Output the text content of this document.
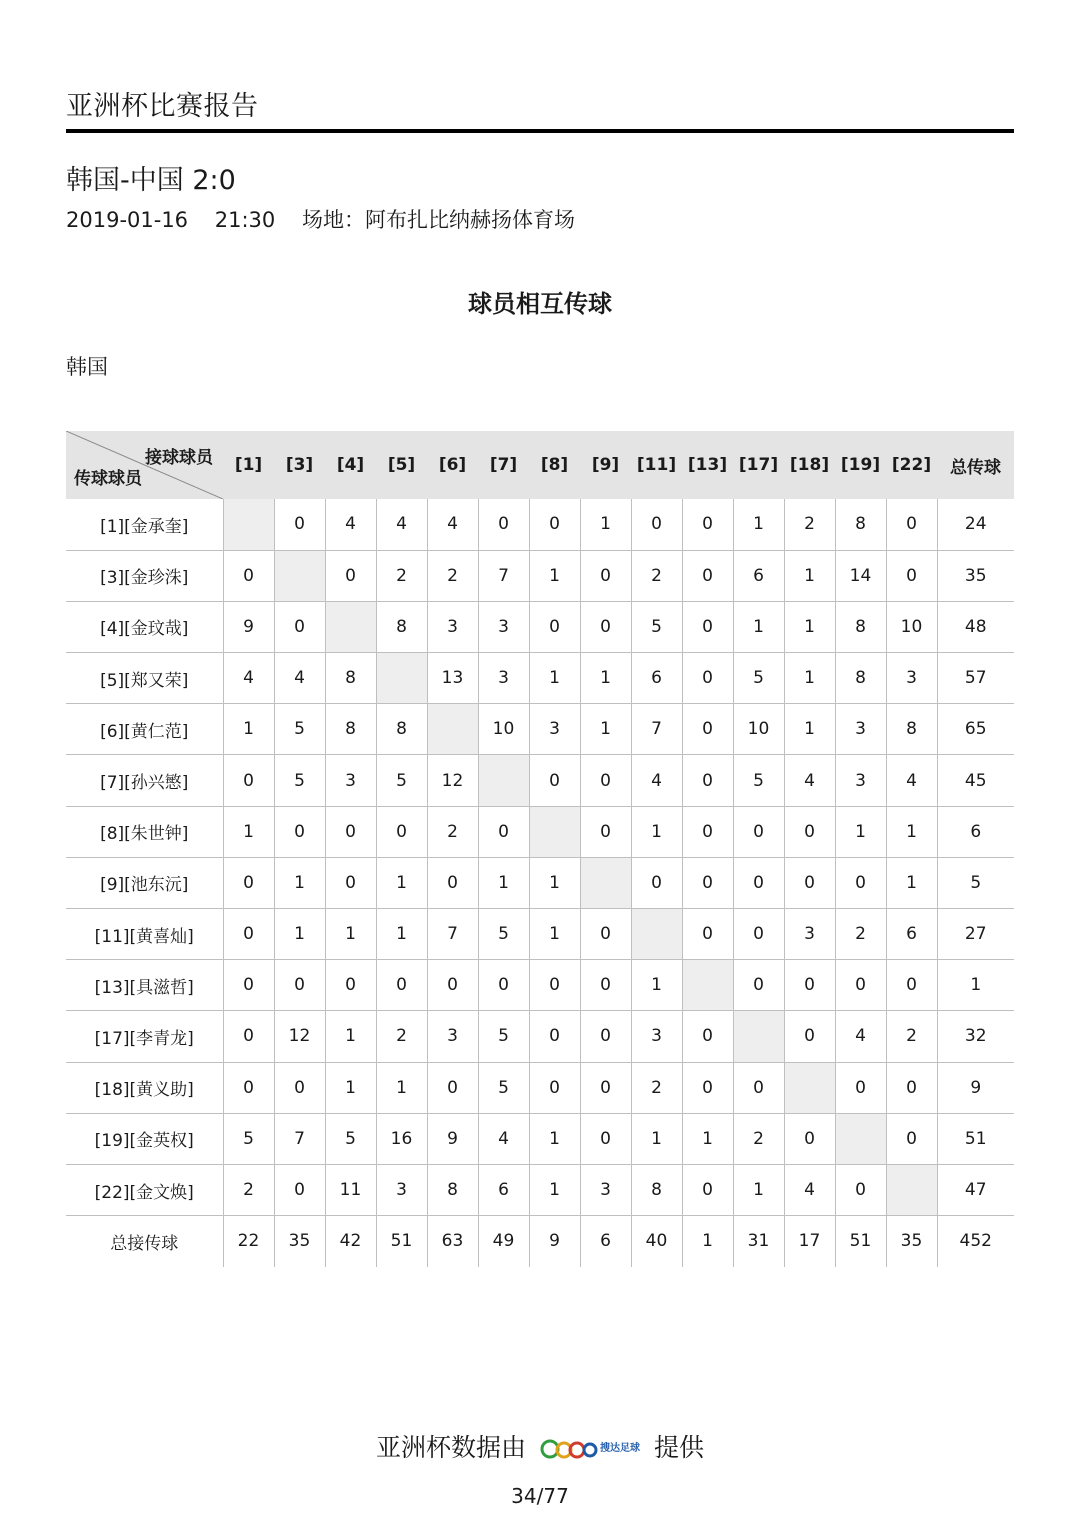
亚洲杯比赛报告
韩国-中国 2:0
2019-01-16    21:30    场地：阿布扎比纳赫扬体育场
球员相互传球
韩国
接球球员
传球球员	[1]	[3]	[4]	[5]	[6]	[7]	[8]	[9]	[11]	[13]	[17]	[18]	[19]	[22]	总传球
[1][金承奎]		0	4	4	4	0	0	1	0	0	1	2	8	0	24
[3][金珍洙]	0		0	2	2	7	1	0	2	0	6	1	14	0	35
[4][金玟哉]	9	0		8	3	3	0	0	5	0	1	1	8	10	48
[5][郑又荣]	4	4	8		13	3	1	1	6	0	5	1	8	3	57
[6][黄仁范]	1	5	8	8		10	3	1	7	0	10	1	3	8	65
[7][孙兴慜]	0	5	3	5	12		0	0	4	0	5	4	3	4	45
[8][朱世钟]	1	0	0	0	2	0		0	1	0	0	0	1	1	6
[9][池东沅]	0	1	0	1	0	1	1		0	0	0	0	0	1	5
[11][黄喜灿]	0	1	1	1	7	5	1	0		0	0	3	2	6	27
[13][具滋哲]	0	0	0	0	0	0	0	0	1		0	0	0	0	1
[17][李青龙]	0	12	1	2	3	5	0	0	3	0		0	4	2	32
[18][黄义助]	0	0	1	1	0	5	0	0	2	0	0		0	0	9
[19][金英权]	5	7	5	16	9	4	1	0	1	1	2	0		0	51
[22][金文焕]	2	0	11	3	8	6	1	3	8	0	1	4	0		47
总接传球	22	35	42	51	63	49	9	6	40	1	31	17	51	35	452
亚洲杯数据由	搜达足球 提供
34/77
